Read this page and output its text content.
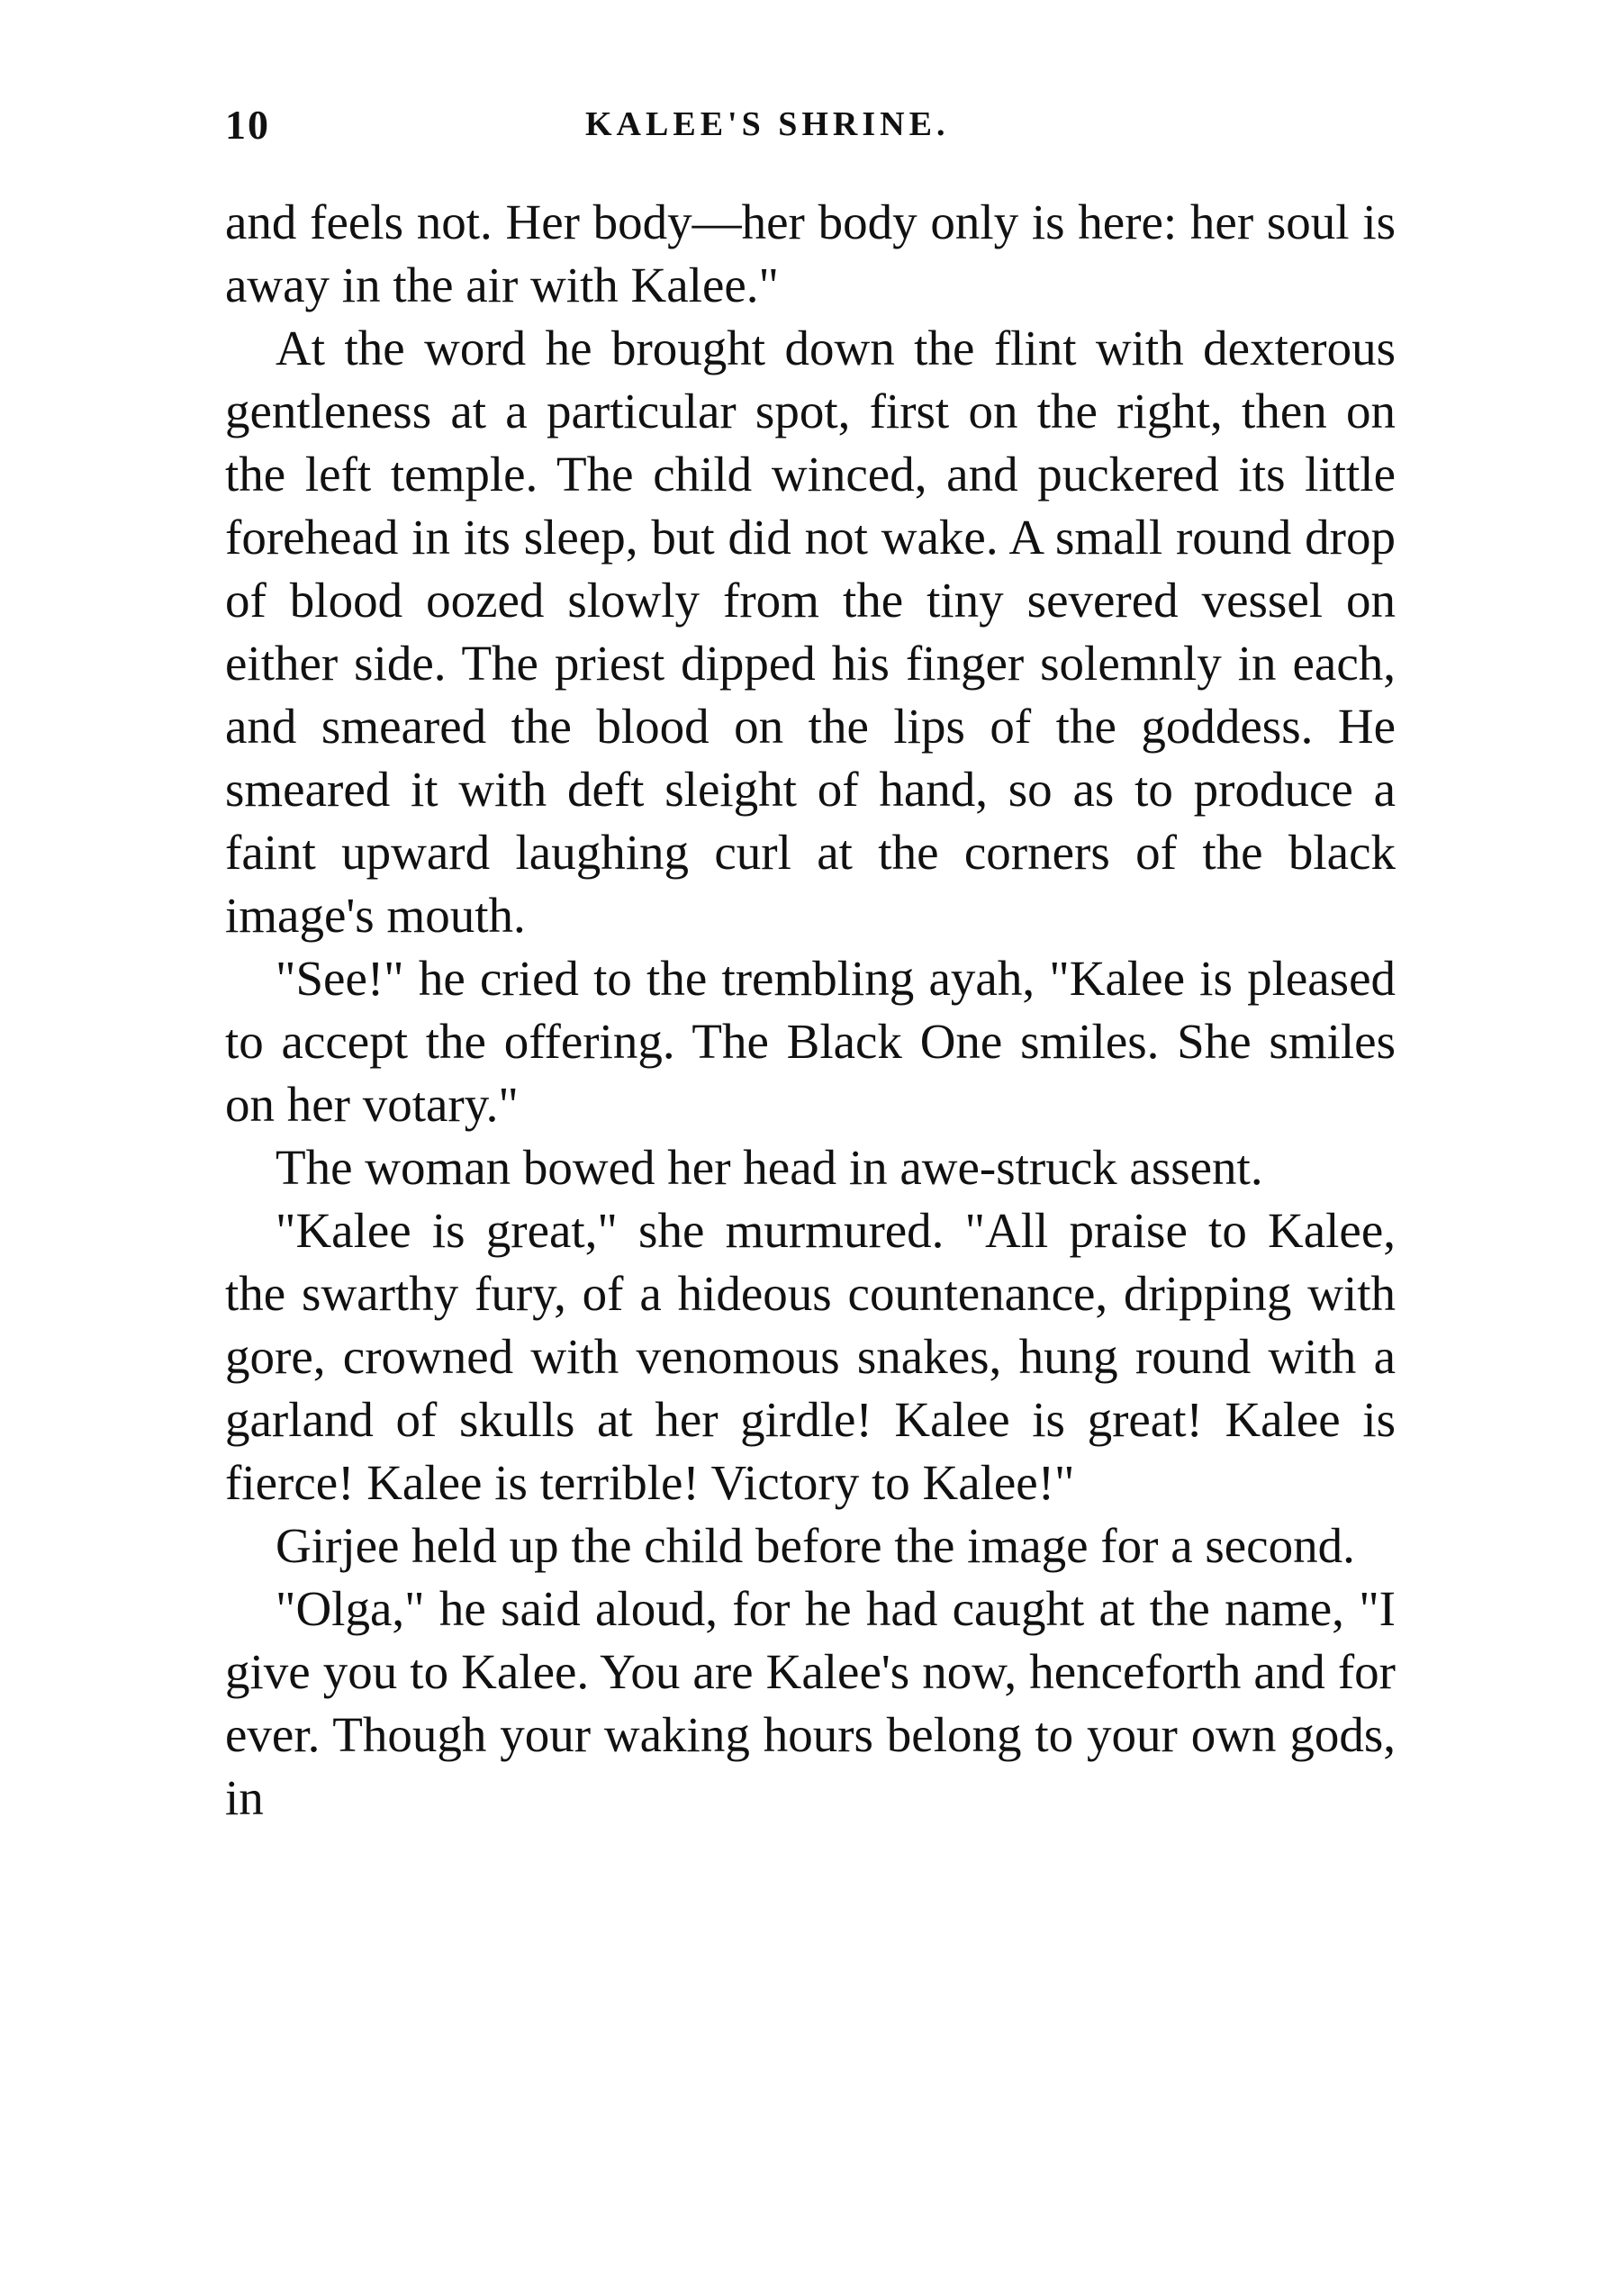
10	KALEE'S SHRINE.

and feels not. Her body—her body only is here: her soul is away in the air with Kalee."

At the word he brought down the flint with dexterous gentleness at a particular spot, first on the right, then on the left temple. The child winced, and puckered its little forehead in its sleep, but did not wake. A small round drop of blood oozed slowly from the tiny severed vessel on either side. The priest dipped his finger solemnly in each, and smeared the blood on the lips of the goddess. He smeared it with deft sleight of hand, so as to produce a faint upward laughing curl at the corners of the black image's mouth.

"See!" he cried to the trembling ayah, "Kalee is pleased to accept the offering. The Black One smiles. She smiles on her votary."

The woman bowed her head in awe-struck assent.

"Kalee is great," she murmured. "All praise to Kalee, the swarthy fury, of a hideous countenance, dripping with gore, crowned with venomous snakes, hung round with a garland of skulls at her girdle! Kalee is great! Kalee is fierce! Kalee is terrible! Victory to Kalee!"

Girjee held up the child before the image for a second.

"Olga," he said aloud, for he had caught at the name, "I give you to Kalee. You are Kalee's now, henceforth and for ever. Though your waking hours belong to your own gods, in
